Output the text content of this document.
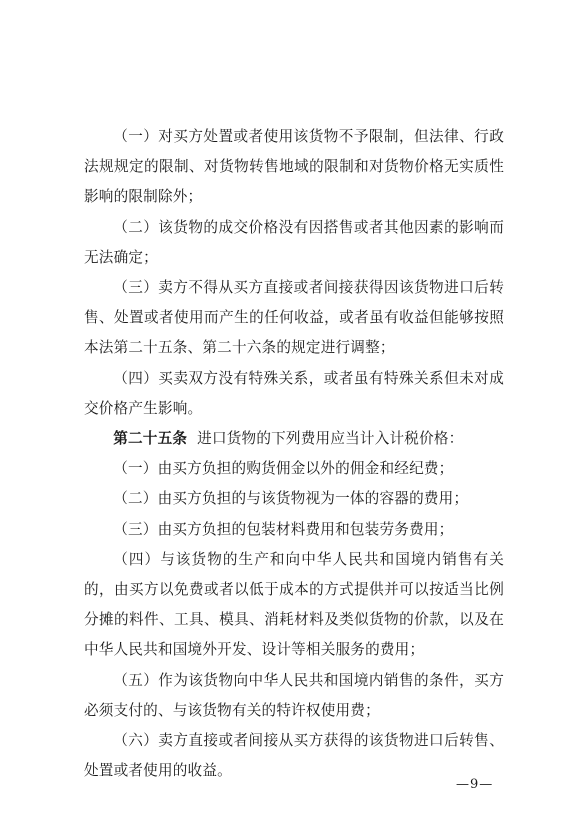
（一）对买方处置或者使用该货物不予限制，但法律、行政法规规定的限制、对货物转售地域的限制和对货物价格无实质性影响的限制除外；

（二）该货物的成交价格没有因搭售或者其他因素的影响而无法确定；

（三）卖方不得从买方直接或者间接获得因该货物进口后转售、处置或者使用而产生的任何收益，或者虽有收益但能够按照本法第二十五条、第二十六条的规定进行调整；

（四）买卖双方没有特殊关系，或者虽有特殊关系但未对成交价格产生影响。

第二十五条 进口货物的下列费用应当计入计税价格：

（一）由买方负担的购货佣金以外的佣金和经纪费；

（二）由买方负担的与该货物视为一体的容器的费用；

（三）由买方负担的包装材料费用和包装劳务费用；

（四）与该货物的生产和向中华人民共和国境内销售有关的，由买方以免费或者以低于成本的方式提供并可以按适当比例分摊的料件、工具、模具、消耗材料及类似货物的价款，以及在中华人民共和国境外开发、设计等相关服务的费用；

（五）作为该货物向中华人民共和国境内销售的条件，买方必须支付的、与该货物有关的特许权使用费；

（六）卖方直接或者间接从买方获得的该货物进口后转售、处置或者使用的收益。

—9—
